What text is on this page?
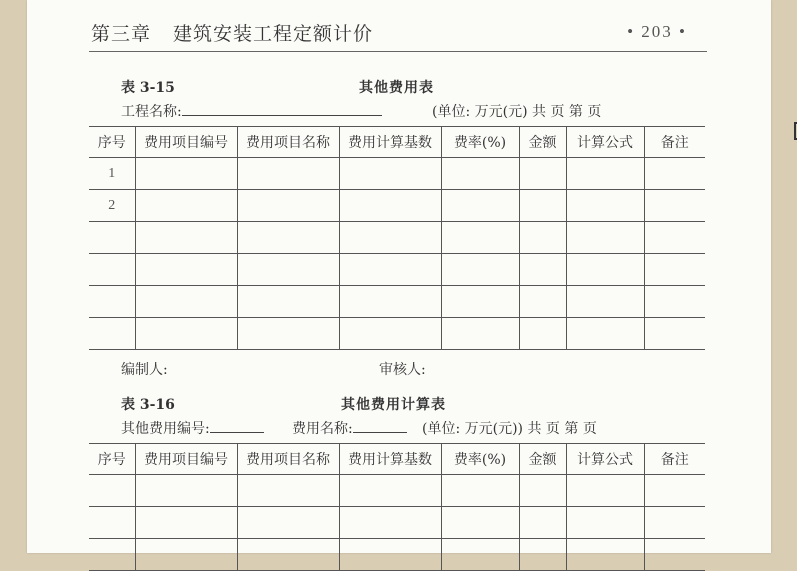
第三章 建筑安装工程定额计价	• 203 •
表 3-15	其他费用表
工程名称:	(单位: 万元(元) 共 页 第 页
序号	费用项目编号	费用项目名称	费用计算基数	费率(%)	金额	计算公式	备注
1							
2							

编制人:	审核人:
表 3-16	其他费用计算表
其他费用编号:	费用名称:	(单位: 万元(元)) 共 页 第 页
序号	费用项目编号	费用项目名称	费用计算基数	费率(%)	金额	计算公式	备注
